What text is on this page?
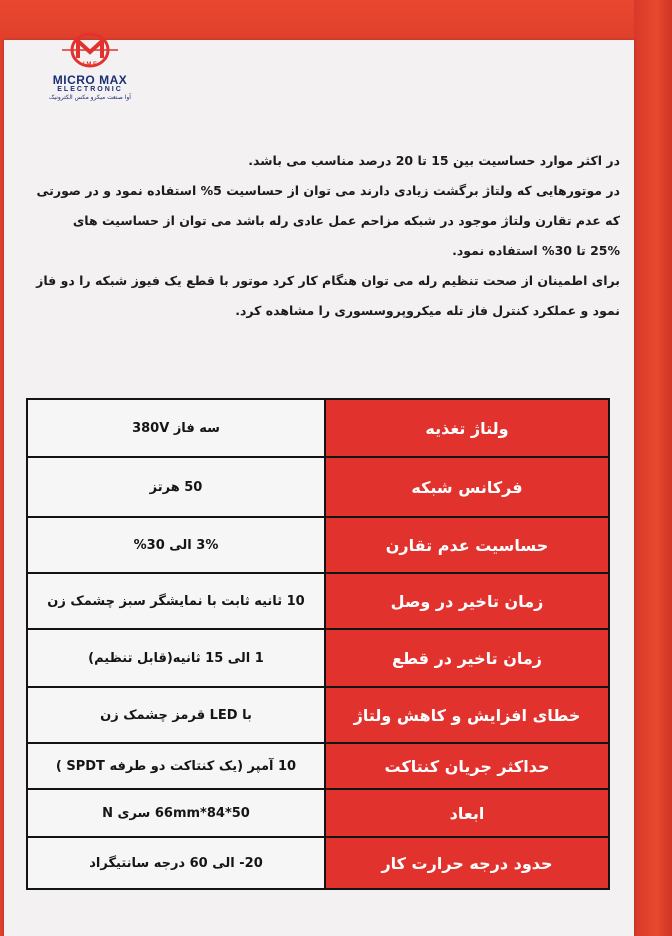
I.M.E
MICRO MAX
ELECTRONIC
آوا صنعت میکرو مکس الکترونیک

در اکثر موارد حساسیت بین 15 تا 20 درصد مناسب می باشد.

در موتورهایی که ولتاژ برگشت زیادی دارند می توان از حساسیت 5% استفاده نمود و در صورتی

که عدم تقارن ولتاژ موجود در شبکه مزاحم عمل عادی رله باشد می توان از حساسیت های

25% تا 30% استفاده نمود.

برای اطمینان از صحت تنظیم رله می توان هنگام کار کرد موتور با قطع یک فیوز شبکه را دو فاز

نمود و عملکرد کنترل فاز تله میکروپروسسوری را مشاهده کرد.

ولتاژ تغذیه	سه فاز 380V
فرکانس شبکه	50 هرتز
حساسیت عدم تقارن	3% الی 30%
زمان تاخیر در وصل	10 ثانیه ثابت با نمایشگر سبز چشمک زن
زمان تاخیر در قطع	1 الی 15 ثانیه(قابل تنظیم)
خطای افزایش و کاهش ولتاژ	با LED قرمز چشمک زن
حداکثر جریان کنتاکت	10 آمپر (یک کنتاکت دو طرفه SPDT )
ابعاد	50*84*66mm سری N
حدود درجه حرارت کار	20- الی 60 درجه سانتیگراد
